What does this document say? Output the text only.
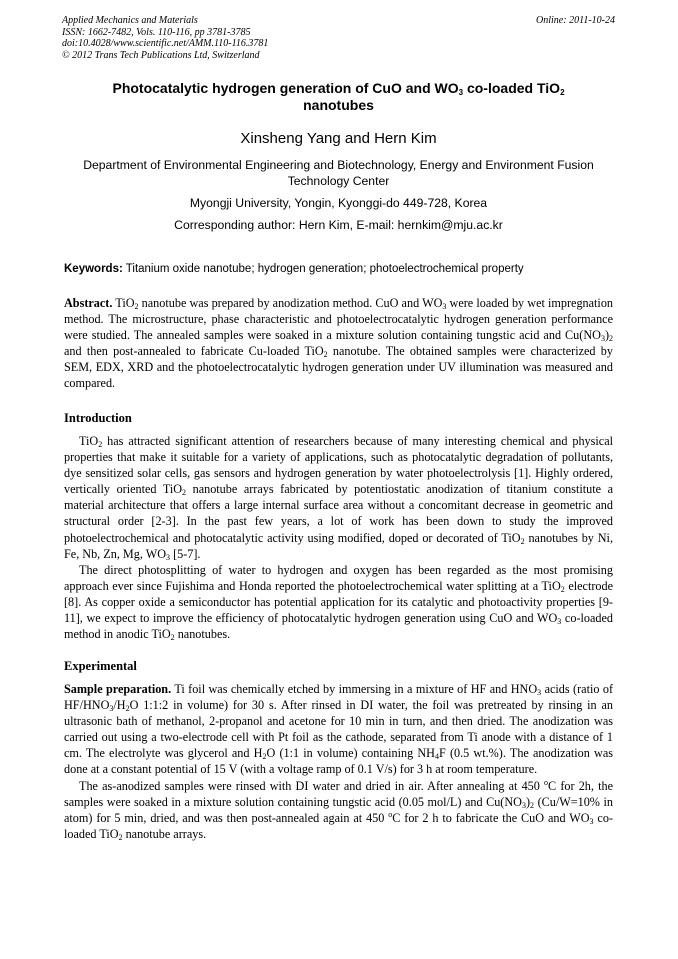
Applied Mechanics and Materials
ISSN: 1662-7482, Vols. 110-116, pp 3781-3785
doi:10.4028/www.scientific.net/AMM.110-116.3781
© 2012 Trans Tech Publications Ltd, Switzerland
Online: 2011-10-24
Photocatalytic hydrogen generation of CuO and $WO_3$ co-loaded TiO$_2$
nanotubes
Xinsheng Yang and Hern Kim

Department of Environmental Engineering and Biotechnology, Energy and Environment Fusion Technology Center

Myongji University, Yongin, Kyonggi-do 449-728, Korea

Corresponding author: Hern Kim, E-mail: hernkim@mju.ac.kr

Keywords: Titanium oxide nanotube; hydrogen generation; photoelectrochemical property

Abstract. TiO$_2$ nanotube was prepared by anodization method. CuO and $WO_3$ were loaded by wet impregnation method. The microstructure, phase characteristic and photoelectrocatalytic hydrogen generation performance were studied. The annealed samples were soaked in a mixture solution containing tungstic acid and $Cu(NO_3)_2$ and then post-annealed to fabricate Cu-loaded TiO$_2$ nanotube. The obtained samples were characterized by SEM, EDX, XRD and the photoelectrocatalytic hydrogen generation under UV illumination was measured and compared.

Introduction

TiO$_2$ has attracted significant attention of researchers because of many interesting chemical and physical properties that make it suitable for a variety of applications, such as photocatalytic degradation of pollutants, dye sensitized solar cells, gas sensors and hydrogen generation by water photoelectrolysis [1]. Highly ordered, vertically oriented TiO$_2$ nanotube arrays fabricated by potentiostatic anodization of titanium constitute a material architecture that offers a large internal surface area without a concomitant decrease in geometric and structural order [2-3]. In the past few years, a lot of work has been down to study the improved photoelectrochemical and photocatalytic activity using modified, doped or decorated of TiO$_2$ nanotubes by Ni, Fe, Nb, Zn, Mg, $WO_3$ [5-7].

The direct photosplitting of water to hydrogen and oxygen has been regarded as the most promising approach ever since Fujishima and Honda reported the photoelectrochemical water splitting at a TiO$_2$ electrode [8]. As copper oxide a semiconductor has potential application for its catalytic and photoactivity properties [9-11], we expect to improve the efficiency of photocatalytic hydrogen generation using CuO and $WO_3$ co-loaded method in anodic TiO$_2$ nanotubes.

Experimental

Sample preparation. Ti foil was chemically etched by immersing in a mixture of HF and $HNO_3$ acids (ratio of $HF/HNO_3/H_2O$ 1:1:2 in volume) for 30 s. After rinsed in DI water, the foil was pretreated by rinsing in an ultrasonic bath of methanol, 2-propanol and acetone for 10 min in turn, and then dried. The anodization was carried out using a two-electrode cell with Pt foil as the cathode, separated from Ti anode with a distance of 1 cm. The electrolyte was glycerol and $H_2O$ (1:1 in volume) containing $NH_4F$ (0.5 wt.%). The anodization was done at a constant potential of 15 V (with a voltage ramp of 0.1 V/s) for 3 h at room temperature.

The as-anodized samples were rinsed with DI water and dried in air. After annealing at 450 $^o$C for 2h, the samples were soaked in a mixture solution containing tungstic acid (0.05 mol/L) and $Cu(NO_3)_2$ (Cu/W=10% in atom) for 5 min, dried, and was then post-annealed again at 450 $^o$C for 2 h to fabricate the CuO and $WO_3$ co-loaded TiO$_2$ nanotube arrays.
